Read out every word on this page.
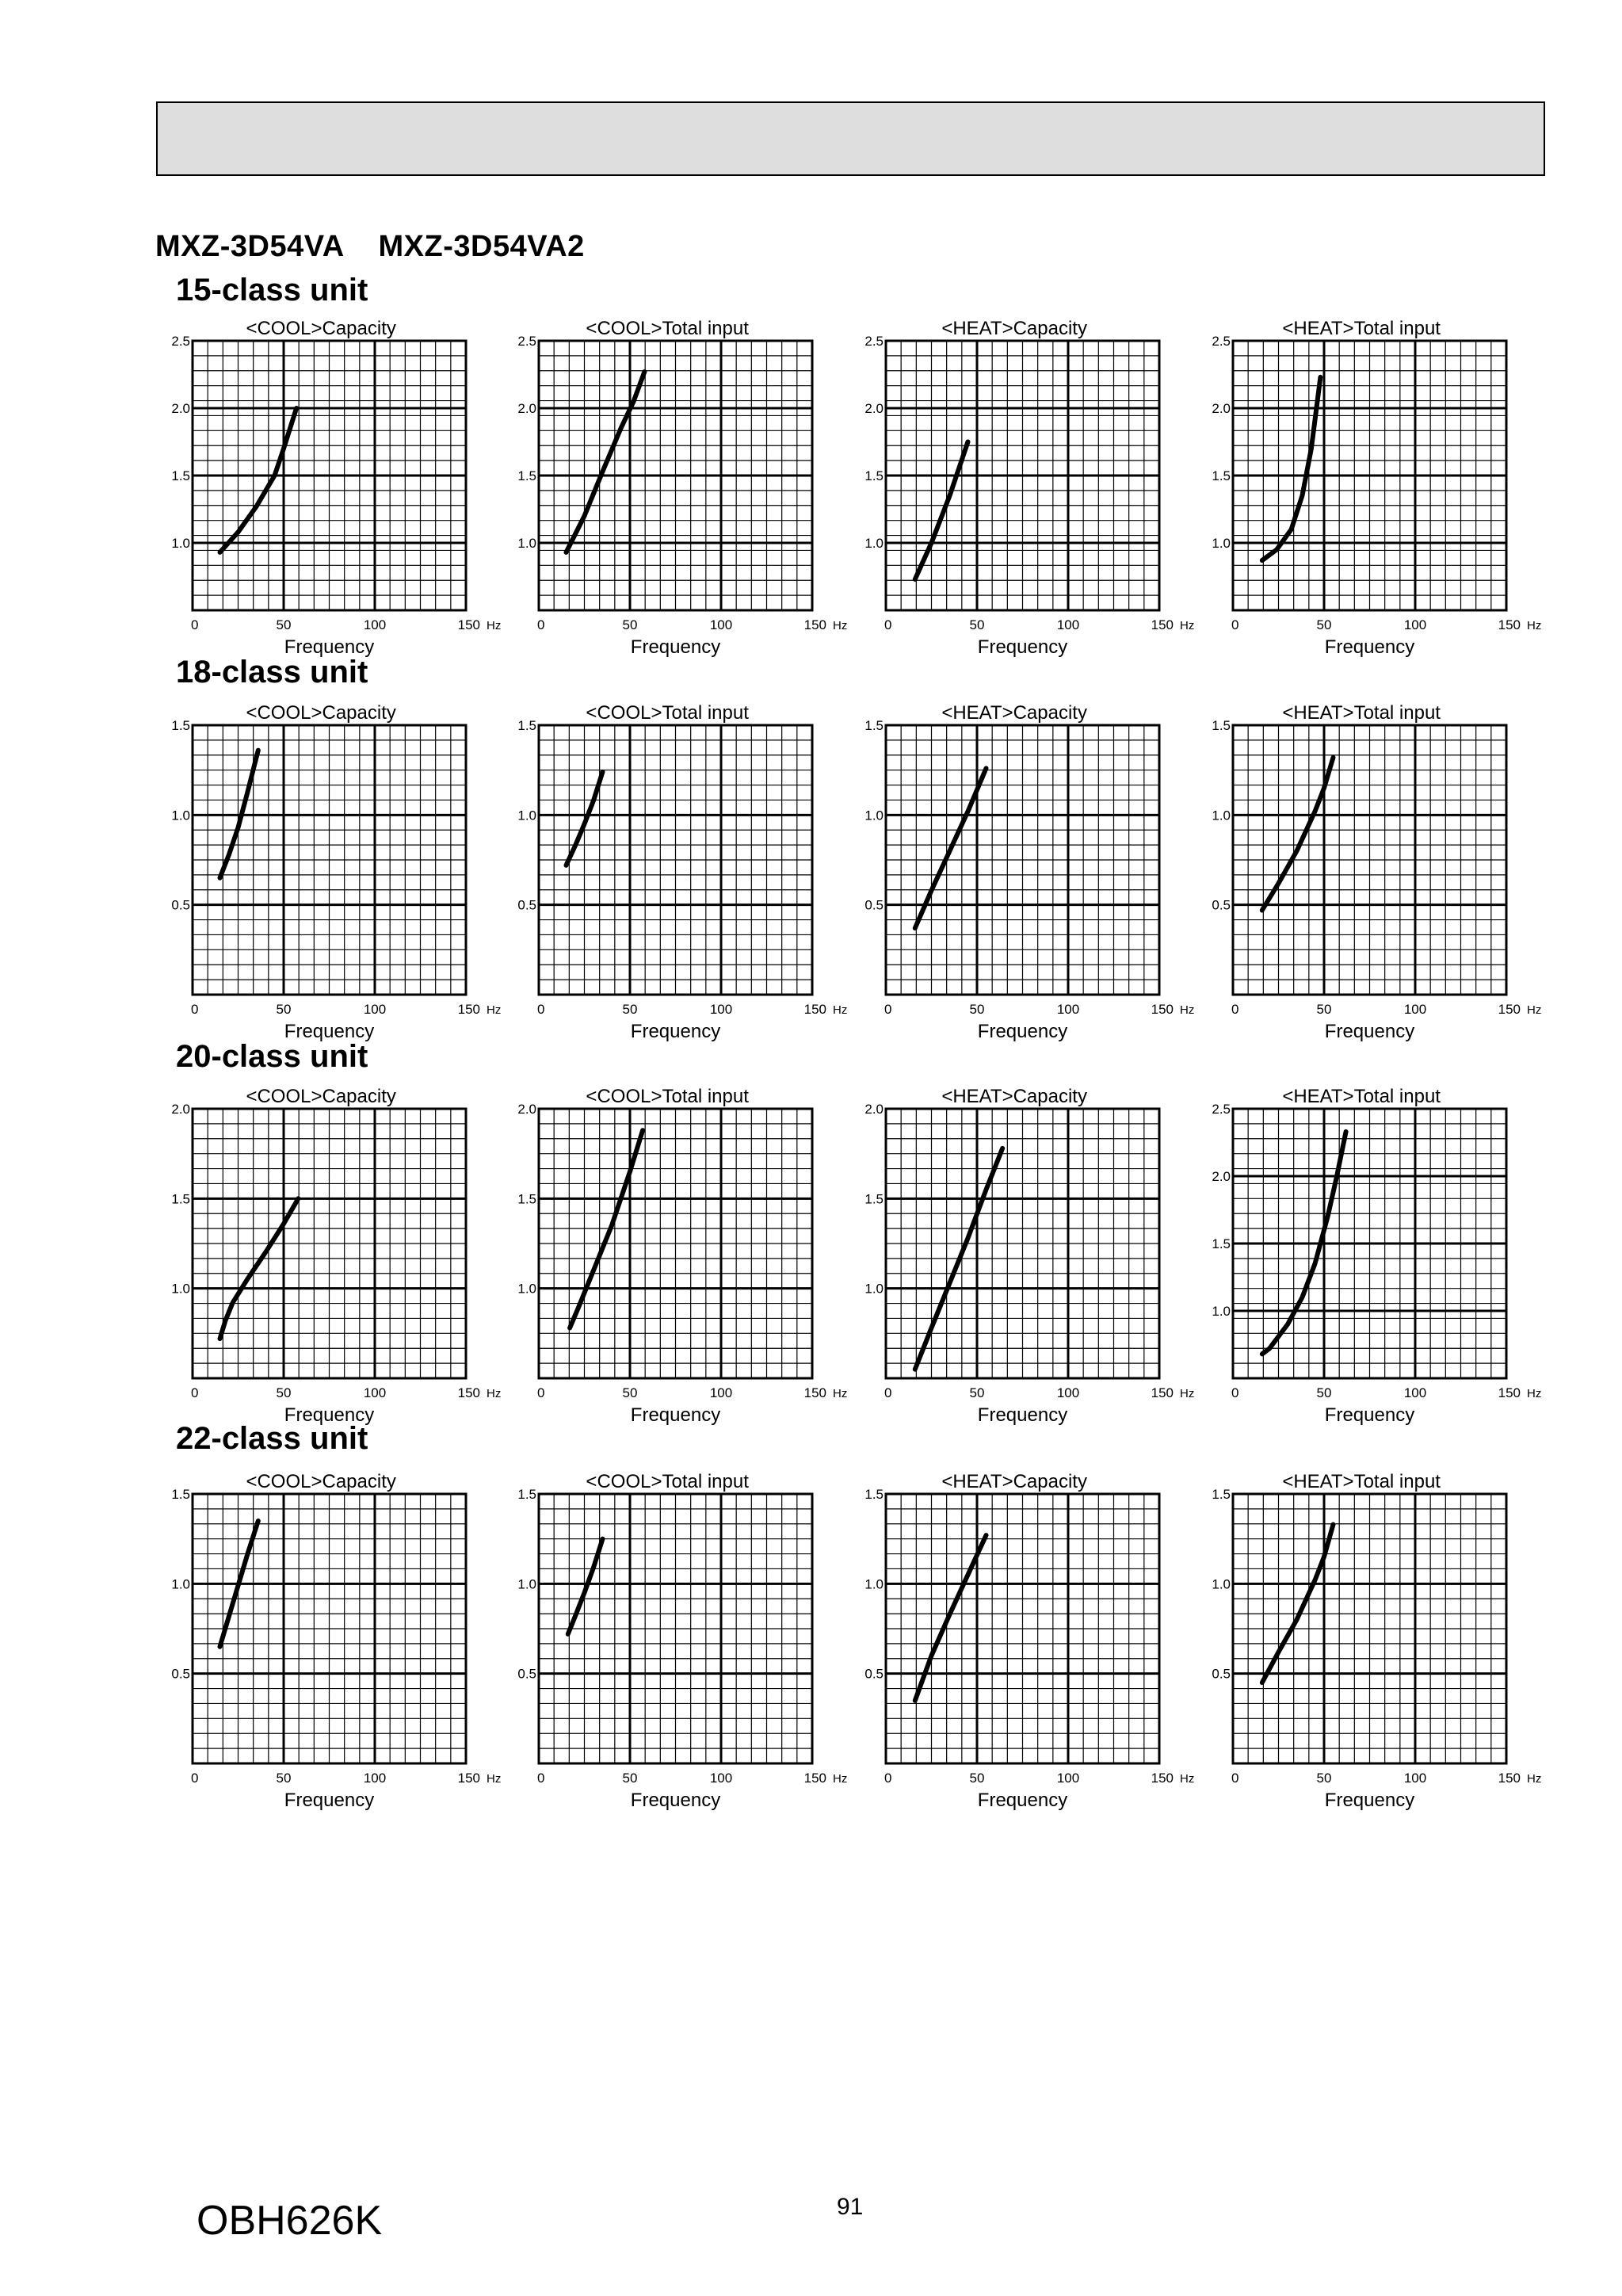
MXZ-3D54VA    MXZ-3D54VA2
15-class unit
18-class unit
20-class unit
22-class unit
<COOL>Capacity
1.0
1.5
2.0
2.5
0	50	100	150 Hz
Frequency
<COOL>Total input
1.0
1.5
2.0
2.5
0	50	100	150 Hz
Frequency
<HEAT>Capacity
1.0
1.5
2.0
2.5
0	50	100	150 Hz
Frequency
<HEAT>Total input
1.0
1.5
2.0
2.5
0	50	100	150 Hz
Frequency
<COOL>Capacity
0.5
1.0
1.5
0	50	100	150 Hz
Frequency
<COOL>Total input
0.5
1.0
1.5
0	50	100	150 Hz
Frequency
<HEAT>Capacity
0.5
1.0
1.5
0	50	100	150 Hz
Frequency
<HEAT>Total input
0.5
1.0
1.5
0	50	100	150 Hz
Frequency
<COOL>Capacity
1.0
1.5
2.0
0	50	100	150 Hz
Frequency
<COOL>Total input
1.0
1.5
2.0
0	50	100	150 Hz
Frequency
<HEAT>Capacity
1.0
1.5
2.0
0	50	100	150 Hz
Frequency
<HEAT>Total input
1.0
1.5
2.0
2.5
0	50	100	150 Hz
Frequency
<COOL>Capacity
0.5
1.0
1.5
0	50	100	150 Hz
Frequency
<COOL>Total input
0.5
1.0
1.5
0	50	100	150 Hz
Frequency
<HEAT>Capacity
0.5
1.0
1.5
0	50	100	150 Hz
Frequency
<HEAT>Total input
0.5
1.0
1.5
0	50	100	150 Hz
Frequency
OBH626K	91
